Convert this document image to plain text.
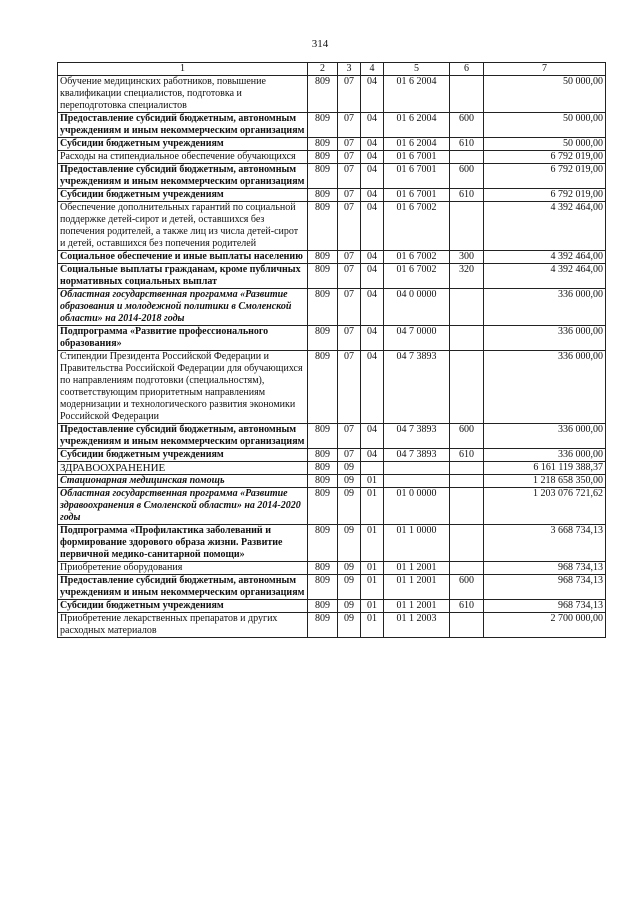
314
1	2	3	4	5	6	7
Обучение медицинских работников, повышение квалификации специалистов, подготовка и переподготовка специалистов	809	07	04	01 6 2004		50 000,00
Предоставление субсидий бюджетным, автономным учреждениям и иным некоммерческим организациям	809	07	04	01 6 2004	600	50 000,00
Субсидии бюджетным учреждениям	809	07	04	01 6 2004	610	50 000,00
Расходы на стипендиальное обеспечение обучающихся	809	07	04	01 6 7001		6 792 019,00
Предоставление субсидий бюджетным, автономным учреждениям и иным некоммерческим организациям	809	07	04	01 6 7001	600	6 792 019,00
Субсидии бюджетным учреждениям	809	07	04	01 6 7001	610	6 792 019,00
Обеспечение дополнительных гарантий по социальной поддержке детей-сирот и детей, оставшихся без попечения родителей, а также лиц из числа детей-сирот и детей, оставшихся без попечения родителей	809	07	04	01 6 7002		4 392 464,00
Социальное обеспечение и иные выплаты населению	809	07	04	01 6 7002	300	4 392 464,00
Социальные выплаты гражданам, кроме публичных нормативных социальных выплат	809	07	04	01 6 7002	320	4 392 464,00
Областная государственная программа «Развитие образования и молодежной политики в Смоленской области» на 2014-2018 годы	809	07	04	04 0 0000		336 000,00
Подпрограмма «Развитие профессионального образования»	809	07	04	04 7 0000		336 000,00
Стипендии Президента Российской Федерации и Правительства Российской Федерации для обучающихся по направлениям подготовки (специальностям), соответствующим приоритетным направлениям модернизации и технологического развития экономики Российской Федерации	809	07	04	04 7 3893		336 000,00
Предоставление субсидий бюджетным, автономным учреждениям и иным некоммерческим организациям	809	07	04	04 7 3893	600	336 000,00
Субсидии бюджетным учреждениям	809	07	04	04 7 3893	610	336 000,00
ЗДРАВООХРАНЕНИЕ	809	09				6 161 119 388,37
Стационарная медицинская помощь	809	09	01			1 218 658 350,00
Областная государственная программа «Развитие здравоохранения в Смоленской области» на 2014-2020 годы	809	09	01	01 0 0000		1 203 076 721,62
Подпрограмма «Профилактика заболеваний и формирование здорового образа жизни. Развитие первичной медико-санитарной помощи»	809	09	01	01 1 0000		3 668 734,13
Приобретение оборудования	809	09	01	01 1 2001		968 734,13
Предоставление субсидий бюджетным, автономным учреждениям и иным некоммерческим организациям	809	09	01	01 1 2001	600	968 734,13
Субсидии бюджетным учреждениям	809	09	01	01 1 2001	610	968 734,13
Приобретение лекарственных препаратов и других расходных материалов	809	09	01	01 1 2003		2 700 000,00
